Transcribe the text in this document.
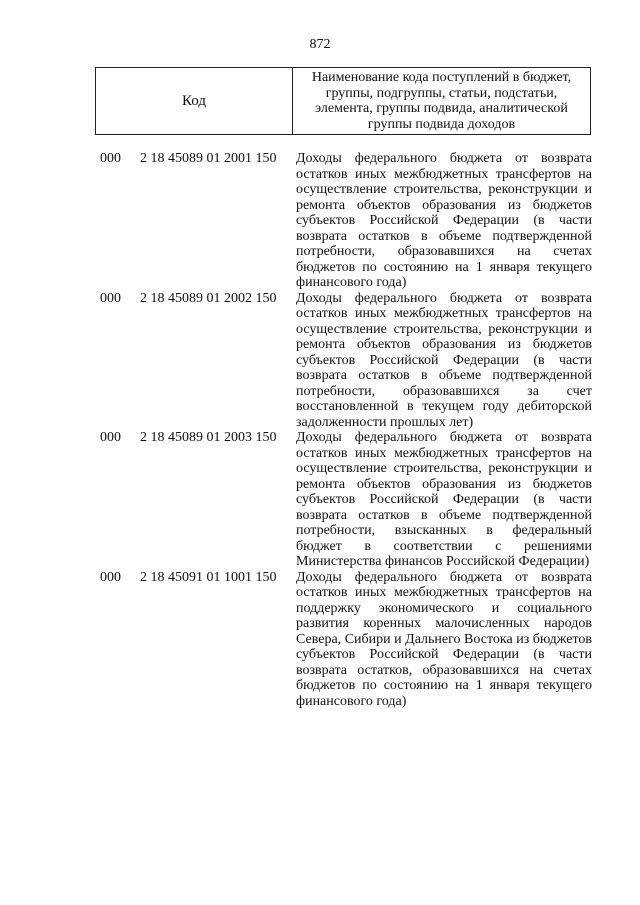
872
Код
Наименование кода поступлений в бюджет, группы, подгруппы, статьи, подстатьи, элемента, группы подвида, аналитической группы подвида доходов
000	2 18 45089 01 2001 150	Доходы федерального бюджета от возврата остатков иных межбюджетных трансфертов на осуществление строительства, реконструкции и ремонта объектов образования из бюджетов субъектов Российской Федерации (в части возврата остатков в объеме подтвержденной потребности, образовавшихся на счетах бюджетов по состоянию на 1 января текущего финансового года)
000	2 18 45089 01 2002 150	Доходы федерального бюджета от возврата остатков иных межбюджетных трансфертов на осуществление строительства, реконструкции и ремонта объектов образования из бюджетов субъектов Российской Федерации (в части возврата остатков в объеме подтвержденной потребности, образовавшихся за счет восстановленной в текущем году дебиторской задолженности прошлых лет)
000	2 18 45089 01 2003 150	Доходы федерального бюджета от возврата остатков иных межбюджетных трансфертов на осуществление строительства, реконструкции и ремонта объектов образования из бюджетов субъектов Российской Федерации (в части возврата остатков в объеме подтвержденной потребности, взысканных в федеральный бюджет в соответствии с решениями Министерства финансов Российской Федерации)
000	2 18 45091 01 1001 150	Доходы федерального бюджета от возврата остатков иных межбюджетных трансфертов на поддержку экономического и социального развития коренных малочисленных народов Севера, Сибири и Дальнего Востока из бюджетов субъектов Российской Федерации (в части возврата остатков, образовавшихся на счетах бюджетов по состоянию на 1 января текущего финансового года)
